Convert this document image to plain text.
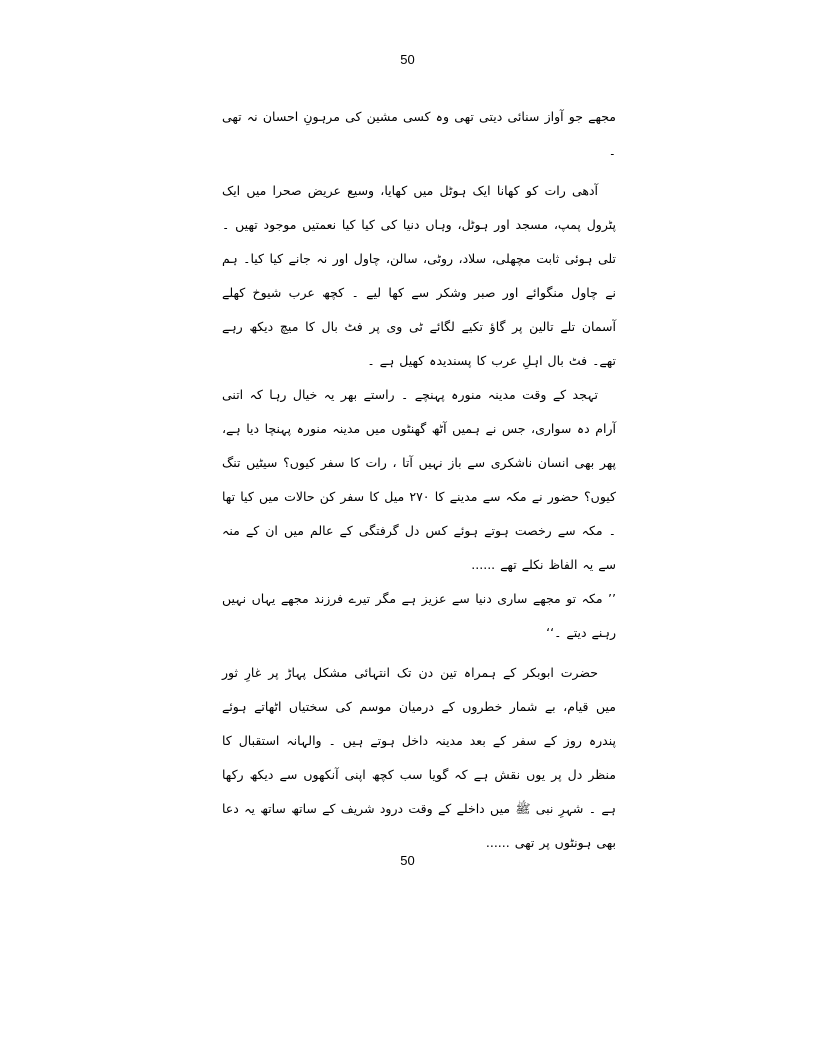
50

مجھے جو آواز سنائی دیتی تھی وہ کسی مشین کی مرہونِ احسان نہ تھی ۔

آدھی رات کو کھانا ایک ہوٹل میں کھایا، وسیع عریض صحرا میں ایک پٹرول پمپ، مسجد اور ہوٹل، وہاں دنیا کی کیا کیا نعمتیں موجود تھیں ۔ تلی ہوئی ثابت مچھلی، سلاد، روٹی، سالن، چاول اور نہ جانے کیا کیا۔ ہم نے چاول منگوائے اور صبر وشکر سے کھا لیے ۔ کچھ عرب شیوخ کھلے آسمان تلے تالین پر گاؤ تکیے لگائے ٹی وی پر فٹ بال کا میچ دیکھ رہے تھے۔ فٹ بال اہلِ عرب کا پسندیدہ کھیل ہے ۔

تہجد کے وقت مدینہ منورہ پہنچے ۔ راستے بھر یہ خیال رہا کہ اتنی آرام دہ سواری، جس نے ہمیں آٹھ گھنٹوں میں مدینہ منورہ پہنچا دیا ہے، پھر بھی انسان ناشکری سے باز نہیں آتا ، رات کا سفر کیوں؟ سیٹیں تنگ کیوں؟ حضور نے مکہ سے مدینے کا ۲۷۰ میل کا سفر کن حالات میں کیا تھا ۔ مکہ سے رخصت ہوتے ہوئے کس دل گرفتگی کے عالم میں ان کے منہ سے یہ الفاظ نکلے تھے ......

’’ مکہ تو مجھے ساری دنیا سے عزیز ہے مگر تیرے فرزند مجھے یہاں نہیں رہنے دیتے ۔‘‘

حضرت ابوبکر کے ہمراہ تین دن تک انتہائی مشکل پہاڑ پر غارِ ثور میں قیام، بے شمار خطروں کے درمیان موسم کی سختیاں اٹھاتے ہوئے پندرہ روز کے سفر کے بعد مدینہ داخل ہوتے ہیں ۔ والہانہ استقبال کا منظر دل پر یوں نقش ہے کہ گویا سب کچھ اپنی آنکھوں سے دیکھ رکھا ہے ۔ شہرِ نبی ﷺ میں داخلے کے وقت درود شریف کے ساتھ ساتھ یہ دعا بھی ہونٹوں پر تھی ......

50
